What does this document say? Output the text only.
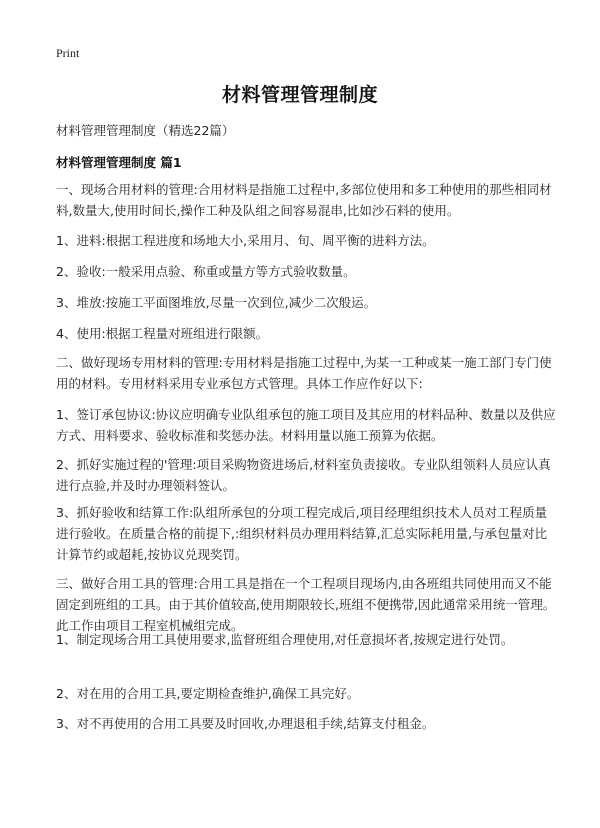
Print
材料管理管理制度
材料管理管理制度（精选22篇）
材料管理管理制度 篇1

一、现场合用材料的管理:合用材料是指施工过程中,多部位使用和多工种使用的那些相同材料,数量大,使用时间长,操作工种及队组之间容易混串,比如沙石料的使用。

1、进料:根据工程进度和场地大小,采用月、旬、周平衡的进料方法。

2、验收:一般采用点验、称重或量方等方式验收数量。

3、堆放:按施工平面图堆放,尽量一次到位,减少二次般运。

4、使用:根据工程量对班组进行限额。

二、做好现场专用材料的管理:专用材料是指施工过程中,为某一工种或某一施工部门专门使用的材料。专用材料采用专业承包方式管理。具体工作应作好以下:

1、签订承包协议:协议应明确专业队组承包的施工项目及其应用的材料品种、数量以及供应方式、用料要求、验收标准和奖惩办法。材料用量以施工预算为依据。

2、抓好实施过程的'管理:项目采购物资进场后,材料室负责接收。专业队组领料人员应认真进行点验,并及时办理领料签认。

3、抓好验收和结算工作:队组所承包的分项工程完成后,项目经理组织技术人员对工程质量进行验收。在质量合格的前提下,:组织材料员办理用料结算,汇总实际耗用量,与承包量对比计算节约或超耗,按协议兑现奖罚。

三、做好合用工具的管理:合用工具是指在一个工程项目现场内,由各班组共同使用而又不能固定到班组的工具。由于其价值较高,使用期限较长,班组不便携带,因此通常采用统一管理。此工作由项目工程室机械组完成。

1、制定现场合用工具使用要求,监督班组合理使用,对任意损坏者,按规定进行处罚。

2、对在用的合用工具,要定期检查维护,确保工具完好。

3、对不再使用的合用工具要及时回收,办理退租手续,结算支付租金。
